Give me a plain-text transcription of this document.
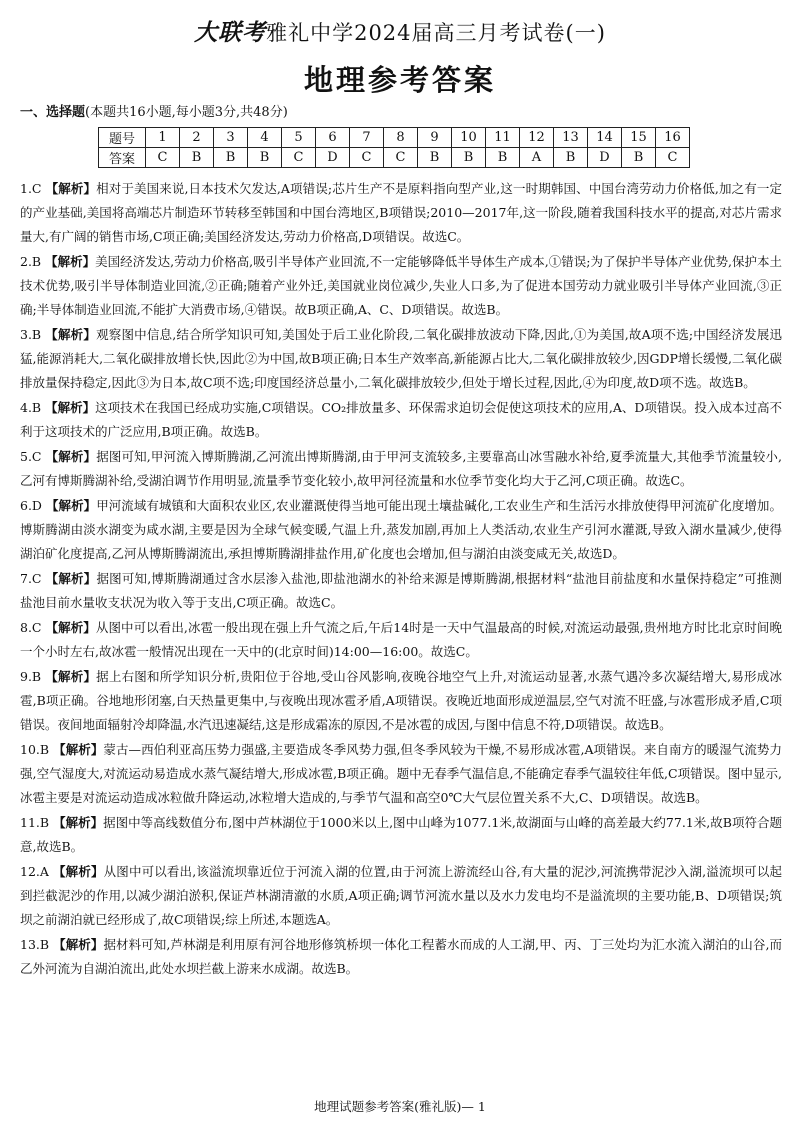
大联考雅礼中学2024届高三月考试卷(一)
地理参考答案
一、选择题(本题共16小题,每小题3分,共48分)
题号	1	2	3	4	5	6	7	8	9	10	11	12	13	14	15	16
答案	C	B	B	B	C	D	C	C	B	B	B	A	B	D	B	C
1.C 【解析】相对于美国来说,日本技术欠发达,A项错误;芯片生产不是原料指向型产业,这一时期韩国、中国台湾劳动力价格低,加之有一定的产业基础,美国将高端芯片制造环节转移至韩国和中国台湾地区,B项错误;2010—2017年,这一阶段,随着我国科技水平的提高,对芯片需求量大,有广阔的销售市场,C项正确;美国经济发达,劳动力价格高,D项错误。故选C。
2.B 【解析】美国经济发达,劳动力价格高,吸引半导体产业回流,不一定能够降低半导体生产成本,①错误;为了保护半导体产业优势,保护本土技术优势,吸引半导体制造业回流,②正确;随着产业外迁,美国就业岗位减少,失业人口多,为了促进本国劳动力就业吸引半导体产业回流,③正确;半导体制造业回流,不能扩大消费市场,④错误。故B项正确,A、C、D项错误。故选B。
3.B 【解析】观察图中信息,结合所学知识可知,美国处于后工业化阶段,二氧化碳排放波动下降,因此,①为美国,故A项不选;中国经济发展迅猛,能源消耗大,二氧化碳排放增长快,因此②为中国,故B项正确;日本生产效率高,新能源占比大,二氧化碳排放较少,因GDP增长缓慢,二氧化碳排放量保持稳定,因此③为日本,故C项不选;印度国经济总量小,二氧化碳排放较少,但处于增长过程,因此,④为印度,故D项不选。故选B。
4.B 【解析】这项技术在我国已经成功实施,C项错误。CO₂排放量多、环保需求迫切会促使这项技术的应用,A、D项错误。投入成本过高不利于这项技术的广泛应用,B项正确。故选B。
5.C 【解析】据图可知,甲河流入博斯腾湖,乙河流出博斯腾湖,由于甲河支流较多,主要靠高山冰雪融水补给,夏季流量大,其他季节流量较小,乙河有博斯腾湖补给,受湖泊调节作用明显,流量季节变化较小,故甲河径流量和水位季节变化均大于乙河,C项正确。故选C。
6.D 【解析】甲河流域有城镇和大面积农业区,农业灌溉使得当地可能出现土壤盐碱化,工农业生产和生活污水排放使得甲河流矿化度增加。博斯腾湖由淡水湖变为咸水湖,主要是因为全球气候变暖,气温上升,蒸发加剧,再加上人类活动,农业生产引河水灌溉,导致入湖水量减少,使得湖泊矿化度提高,乙河从博斯腾湖流出,承担博斯腾湖排盐作用,矿化度也会增加,但与湖泊由淡变咸无关,故选D。
7.C 【解析】据图可知,博斯腾湖通过含水层渗入盐池,即盐池湖水的补给来源是博斯腾湖,根据材料“盐池目前盐度和水量保持稳定”可推测盐池目前水量收支状况为收入等于支出,C项正确。故选C。
8.C 【解析】从图中可以看出,冰雹一般出现在强上升气流之后,午后14时是一天中气温最高的时候,对流运动最强,贵州地方时比北京时间晚一个小时左右,故冰雹一般情况出现在一天中的(北京时间)14:00—16:00。故选C。
9.B 【解析】据上右图和所学知识分析,贵阳位于谷地,受山谷风影响,夜晚谷地空气上升,对流运动显著,水蒸气遇冷多次凝结增大,易形成冰雹,B项正确。谷地地形闭塞,白天热量更集中,与夜晚出现冰雹矛盾,A项错误。夜晚近地面形成逆温层,空气对流不旺盛,与冰雹形成矛盾,C项错误。夜间地面辐射冷却降温,水汽迅速凝结,这是形成霜冻的原因,不是冰雹的成因,与图中信息不符,D项错误。故选B。
10.B 【解析】蒙古—西伯利亚高压势力强盛,主要造成冬季风势力强,但冬季风较为干燥,不易形成冰雹,A项错误。来自南方的暖湿气流势力强,空气湿度大,对流运动易造成水蒸气凝结增大,形成冰雹,B项正确。题中无春季气温信息,不能确定春季气温较往年低,C项错误。图中显示,冰雹主要是对流运动造成冰粒做升降运动,冰粒增大造成的,与季节气温和高空0℃大气层位置关系不大,C、D项错误。故选B。
11.B 【解析】据图中等高线数值分布,图中芦林湖位于1000米以上,图中山峰为1077.1米,故湖面与山峰的高差最大约77.1米,故B项符合题意,故选B。
12.A 【解析】从图中可以看出,该溢流坝靠近位于河流入湖的位置,由于河流上游流经山谷,有大量的泥沙,河流携带泥沙入湖,溢流坝可以起到拦截泥沙的作用,以减少湖泊淤积,保证芦林湖清澈的水质,A项正确;调节河流水量以及水力发电均不是溢流坝的主要功能,B、D项错误;筑坝之前湖泊就已经形成了,故C项错误;综上所述,本题选A。
13.B 【解析】据材料可知,芦林湖是利用原有河谷地形修筑桥坝一体化工程蓄水而成的人工湖,甲、丙、丁三处均为汇水流入湖泊的山谷,而乙外河流为自湖泊流出,此处水坝拦截上游来水成湖。故选B。
地理试题参考答案(雅礼版)— 1
